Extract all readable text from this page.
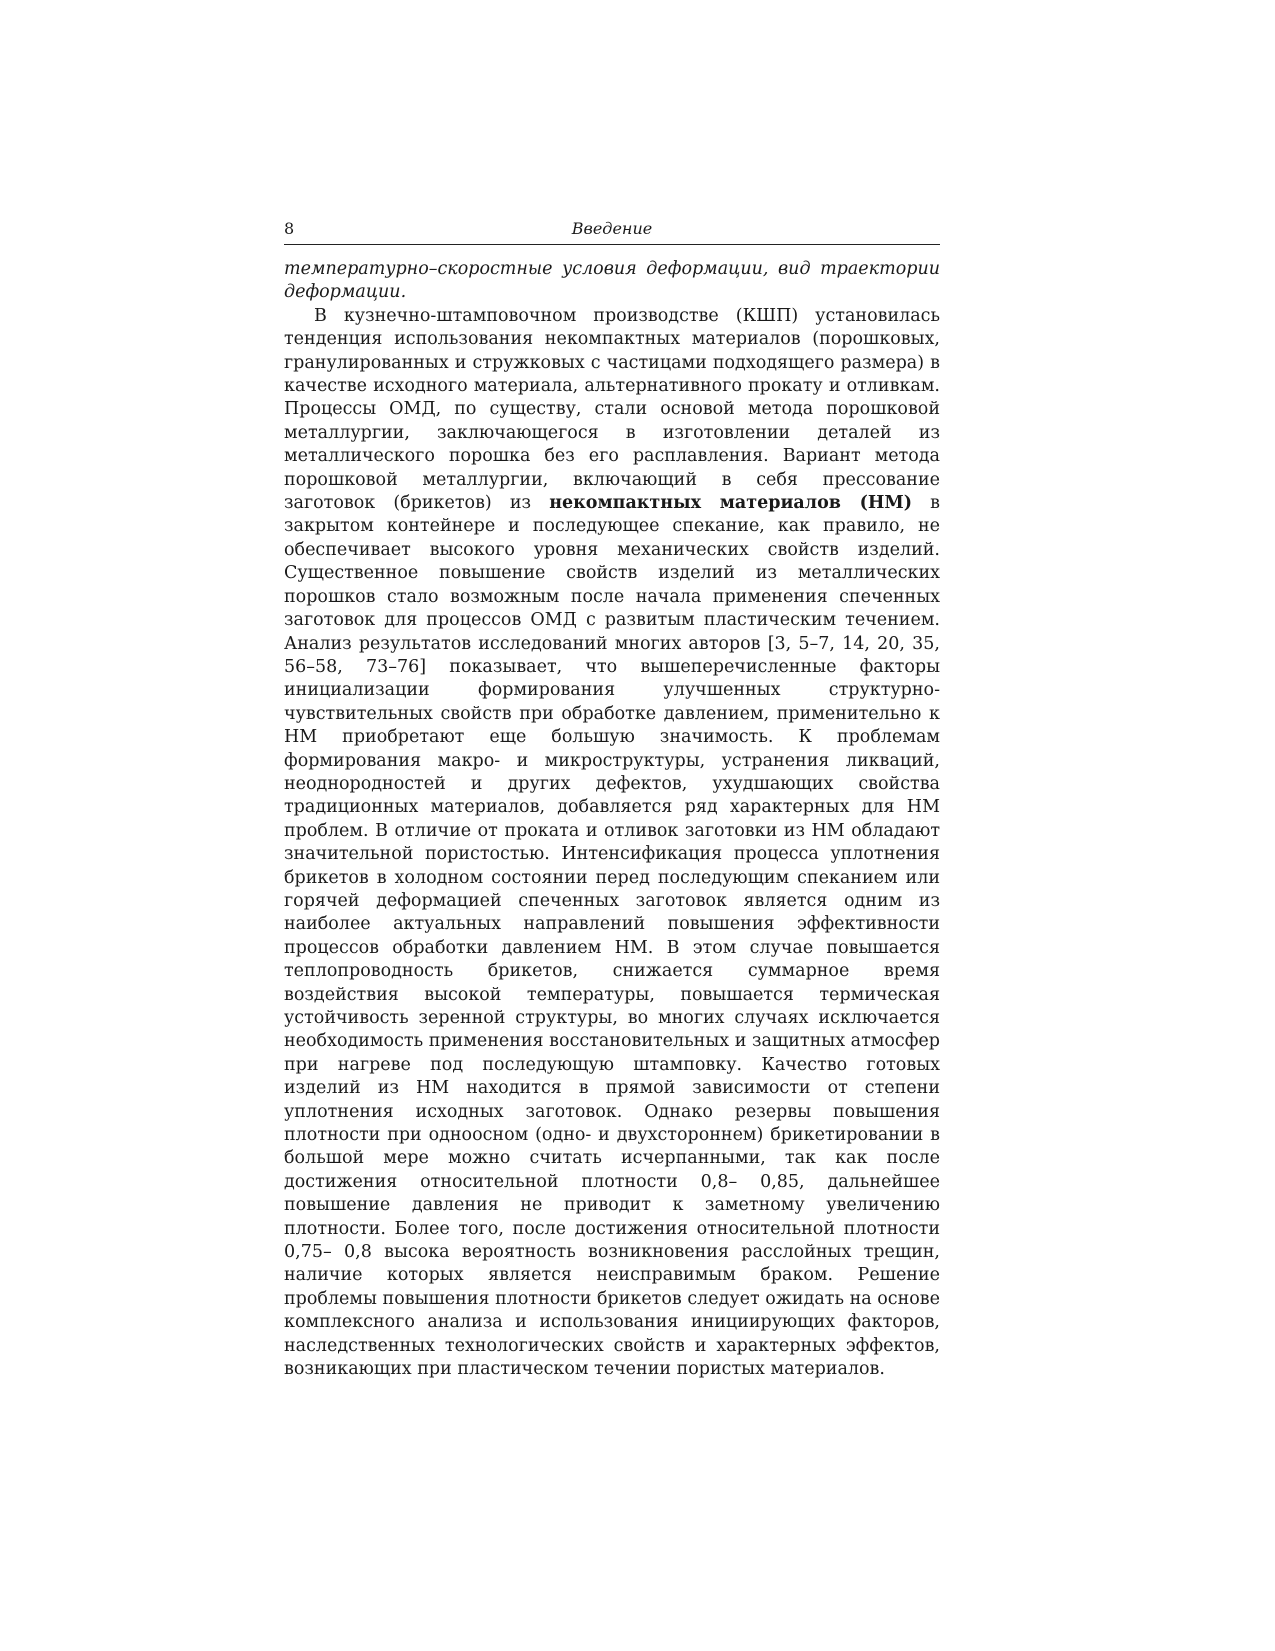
8	Введение

температурно–скоростные условия деформации, вид траектории деформации.

В кузнечно-штамповочном производстве (КШП) установилась тенденция использования некомпактных материалов (порошковых, гранулированных и стружковых с частицами подходящего размера) в качестве исходного материала, альтернативного прокату и отливкам. Процессы ОМД, по существу, стали основой метода порошковой металлургии, заключающегося в изготовлении деталей из металлического порошка без его расплавления. Вариант метода порошковой металлургии, включающий в себя прессование заготовок (брикетов) из некомпактных материалов (НМ) в закрытом контейнере и последующее спекание, как правило, не обеспечивает высокого уровня механических свойств изделий. Существенное повышение свойств изделий из металлических порошков стало возможным после начала применения спеченных заготовок для процессов ОМД с развитым пластическим течением. Анализ результатов исследований многих авторов [3, 5–7, 14, 20, 35, 56–58, 73–76] показывает, что вышеперечисленные факторы инициализации формирования улучшенных структурно-чувствительных свойств при обработке давлением, применительно к НМ приобретают еще большую значимость. К проблемам формирования макро- и микроструктуры, устранения ликваций, неоднородностей и других дефектов, ухудшающих свойства традиционных материалов, добавляется ряд характерных для НМ проблем. В отличие от проката и отливок заготовки из НМ обладают значительной пористостью. Интенсификация процесса уплотнения брикетов в холодном состоянии перед последующим спеканием или горячей деформацией спеченных заготовок является одним из наиболее актуальных направлений повышения эффективности процессов обработки давлением НМ. В этом случае повышается теплопроводность брикетов, снижается суммарное время воздействия высокой температуры, повышается термическая устойчивость зеренной структуры, во многих случаях исключается необходимость применения восстановительных и защитных атмосфер при нагреве под последующую штамповку. Качество готовых изделий из НМ находится в прямой зависимости от степени уплотнения исходных заготовок. Однако резервы повышения плотности при одноосном (одно- и двухстороннем) брикетировании в большой мере можно считать исчерпанными, так как после достижения относительной плотности 0,8– 0,85, дальнейшее повышение давления не приводит к заметному увеличению плотности. Более того, после достижения относительной плотности 0,75– 0,8 высока вероятность возникновения расслойных трещин, наличие которых является неисправимым браком. Решение проблемы повышения плотности брикетов следует ожидать на основе комплексного анализа и использования инициирующих факторов, наследственных технологических свойств и характерных эффектов, возникающих при пластическом течении пористых материалов.
